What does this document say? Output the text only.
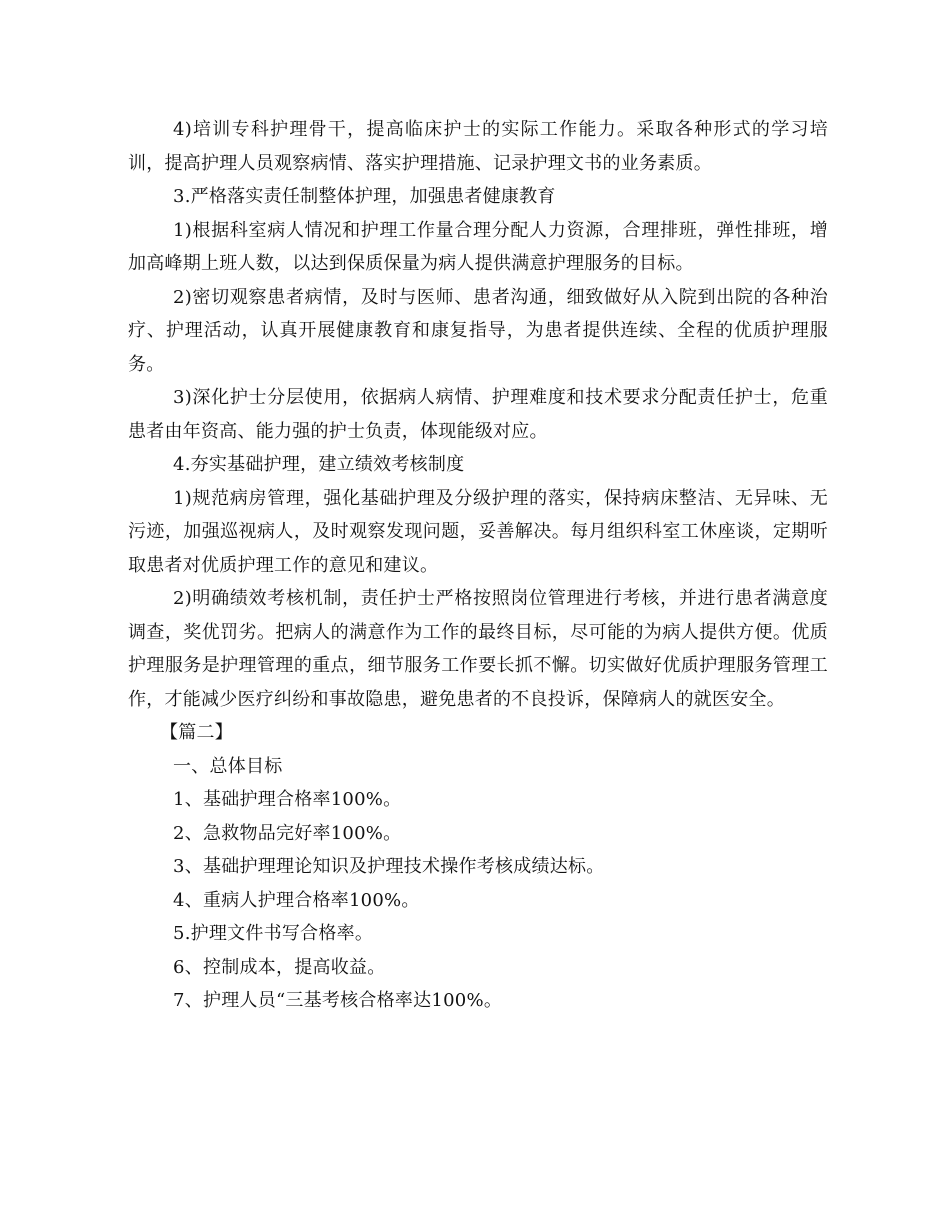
4)培训专科护理骨干，提高临床护士的实际工作能力。采取各种形式的学习培训，提高护理人员观察病情、落实护理措施、记录护理文书的业务素质。

3.严格落实责任制整体护理，加强患者健康教育

1)根据科室病人情况和护理工作量合理分配人力资源，合理排班，弹性排班，增加高峰期上班人数，以达到保质保量为病人提供满意护理服务的目标。

2)密切观察患者病情，及时与医师、患者沟通，细致做好从入院到出院的各种治疗、护理活动，认真开展健康教育和康复指导，为患者提供连续、全程的优质护理服务。

3)深化护士分层使用，依据病人病情、护理难度和技术要求分配责任护士，危重患者由年资高、能力强的护士负责，体现能级对应。

4.夯实基础护理，建立绩效考核制度

1)规范病房管理，强化基础护理及分级护理的落实，保持病床整洁、无异味、无污迹，加强巡视病人，及时观察发现问题，妥善解决。每月组织科室工休座谈，定期听取患者对优质护理工作的意见和建议。

2)明确绩效考核机制，责任护士严格按照岗位管理进行考核，并进行患者满意度调查，奖优罚劣。把病人的满意作为工作的最终目标，尽可能的为病人提供方便。优质护理服务是护理管理的重点，细节服务工作要长抓不懈。切实做好优质护理服务管理工作，才能减少医疗纠纷和事故隐患，避免患者的不良投诉，保障病人的就医安全。

【篇二】

一、总体目标

1、基础护理合格率100%。

2、急救物品完好率100%。

3、基础护理理论知识及护理技术操作考核成绩达标。

4、重病人护理合格率100%。

5.护理文件书写合格率。

6、控制成本，提高收益。

7、护理人员“三基考核合格率达100%。
